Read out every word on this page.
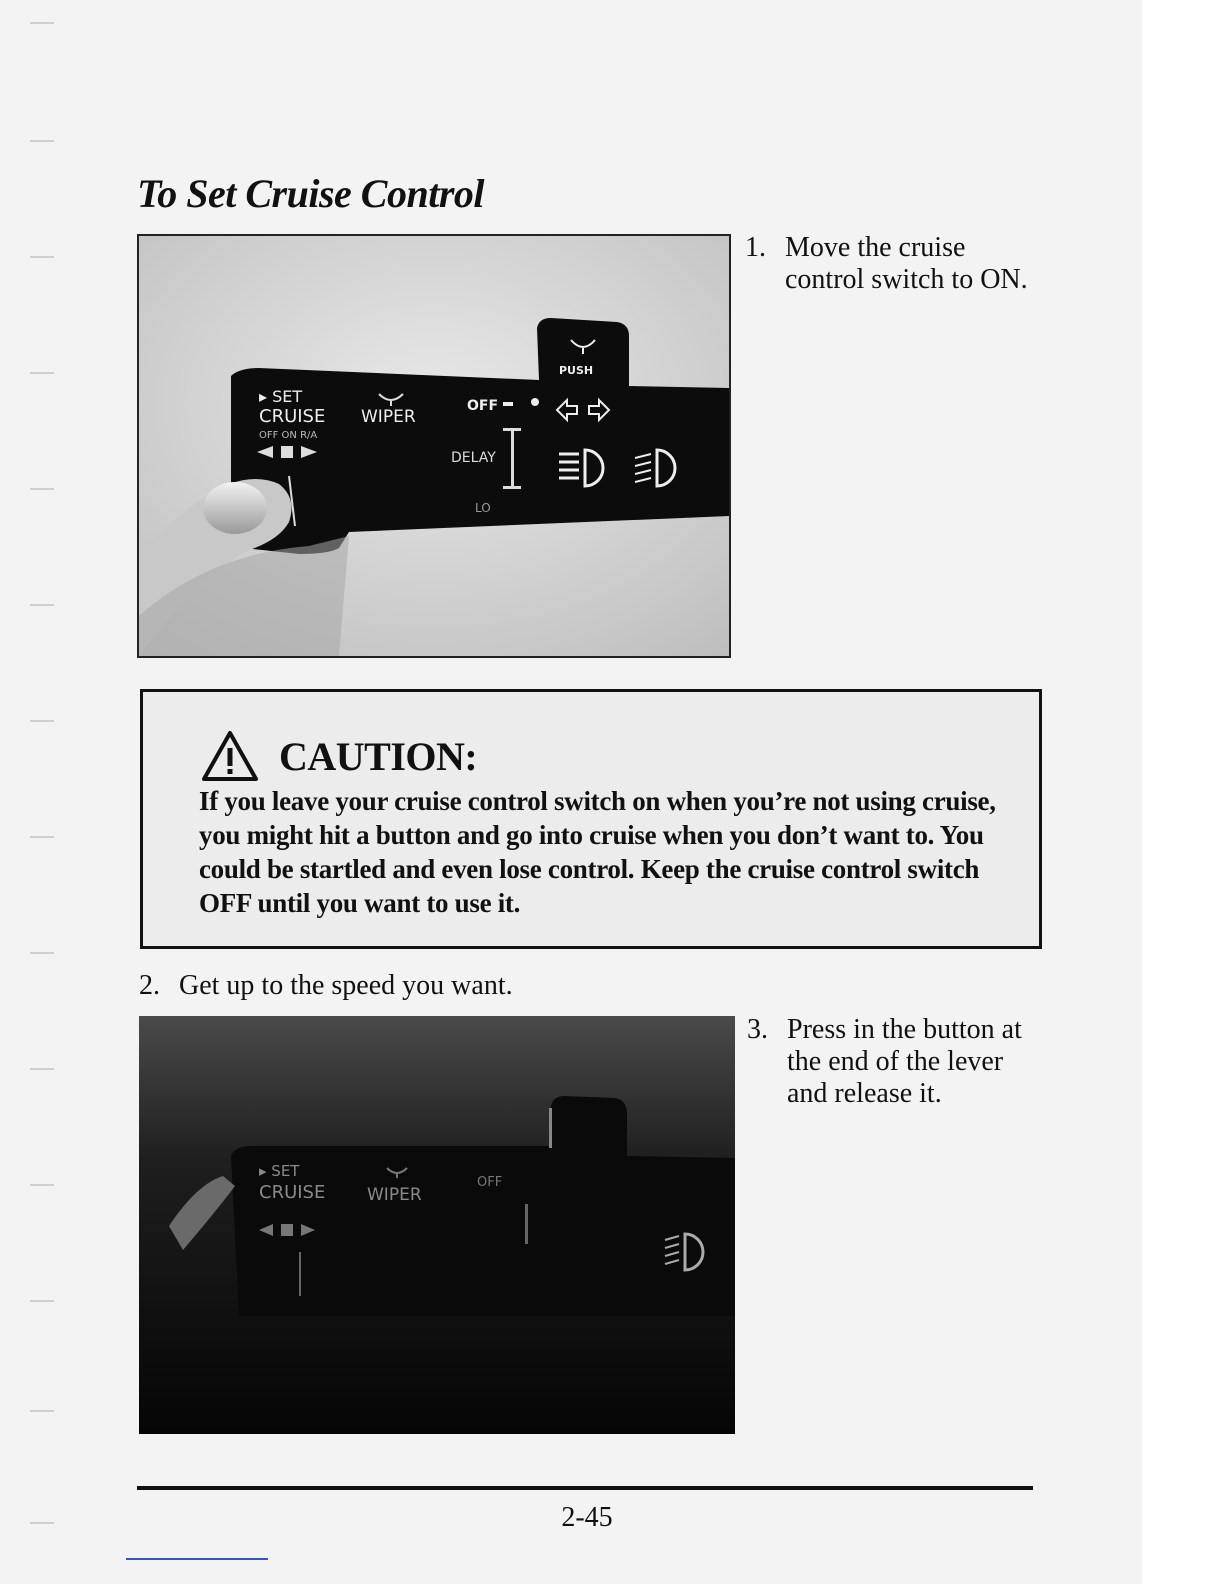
To Set Cruise Control
▸ SET
CRUISE
OFF ON R/A
WIPER
OFF
DELAY
LO
PUSH
1. Move the cruise control switch to ON.
CAUTION:

If you leave your cruise control switch on when you’re not using cruise, you might hit a button and go into cruise when you don’t want to. You could be startled and even lose control. Keep the cruise control switch OFF until you want to use it.

2. Get up to the speed you want.
▸ SET
CRUISE WIPER
OFF
3. Press in the button at the end of the lever and release it.
2-45
